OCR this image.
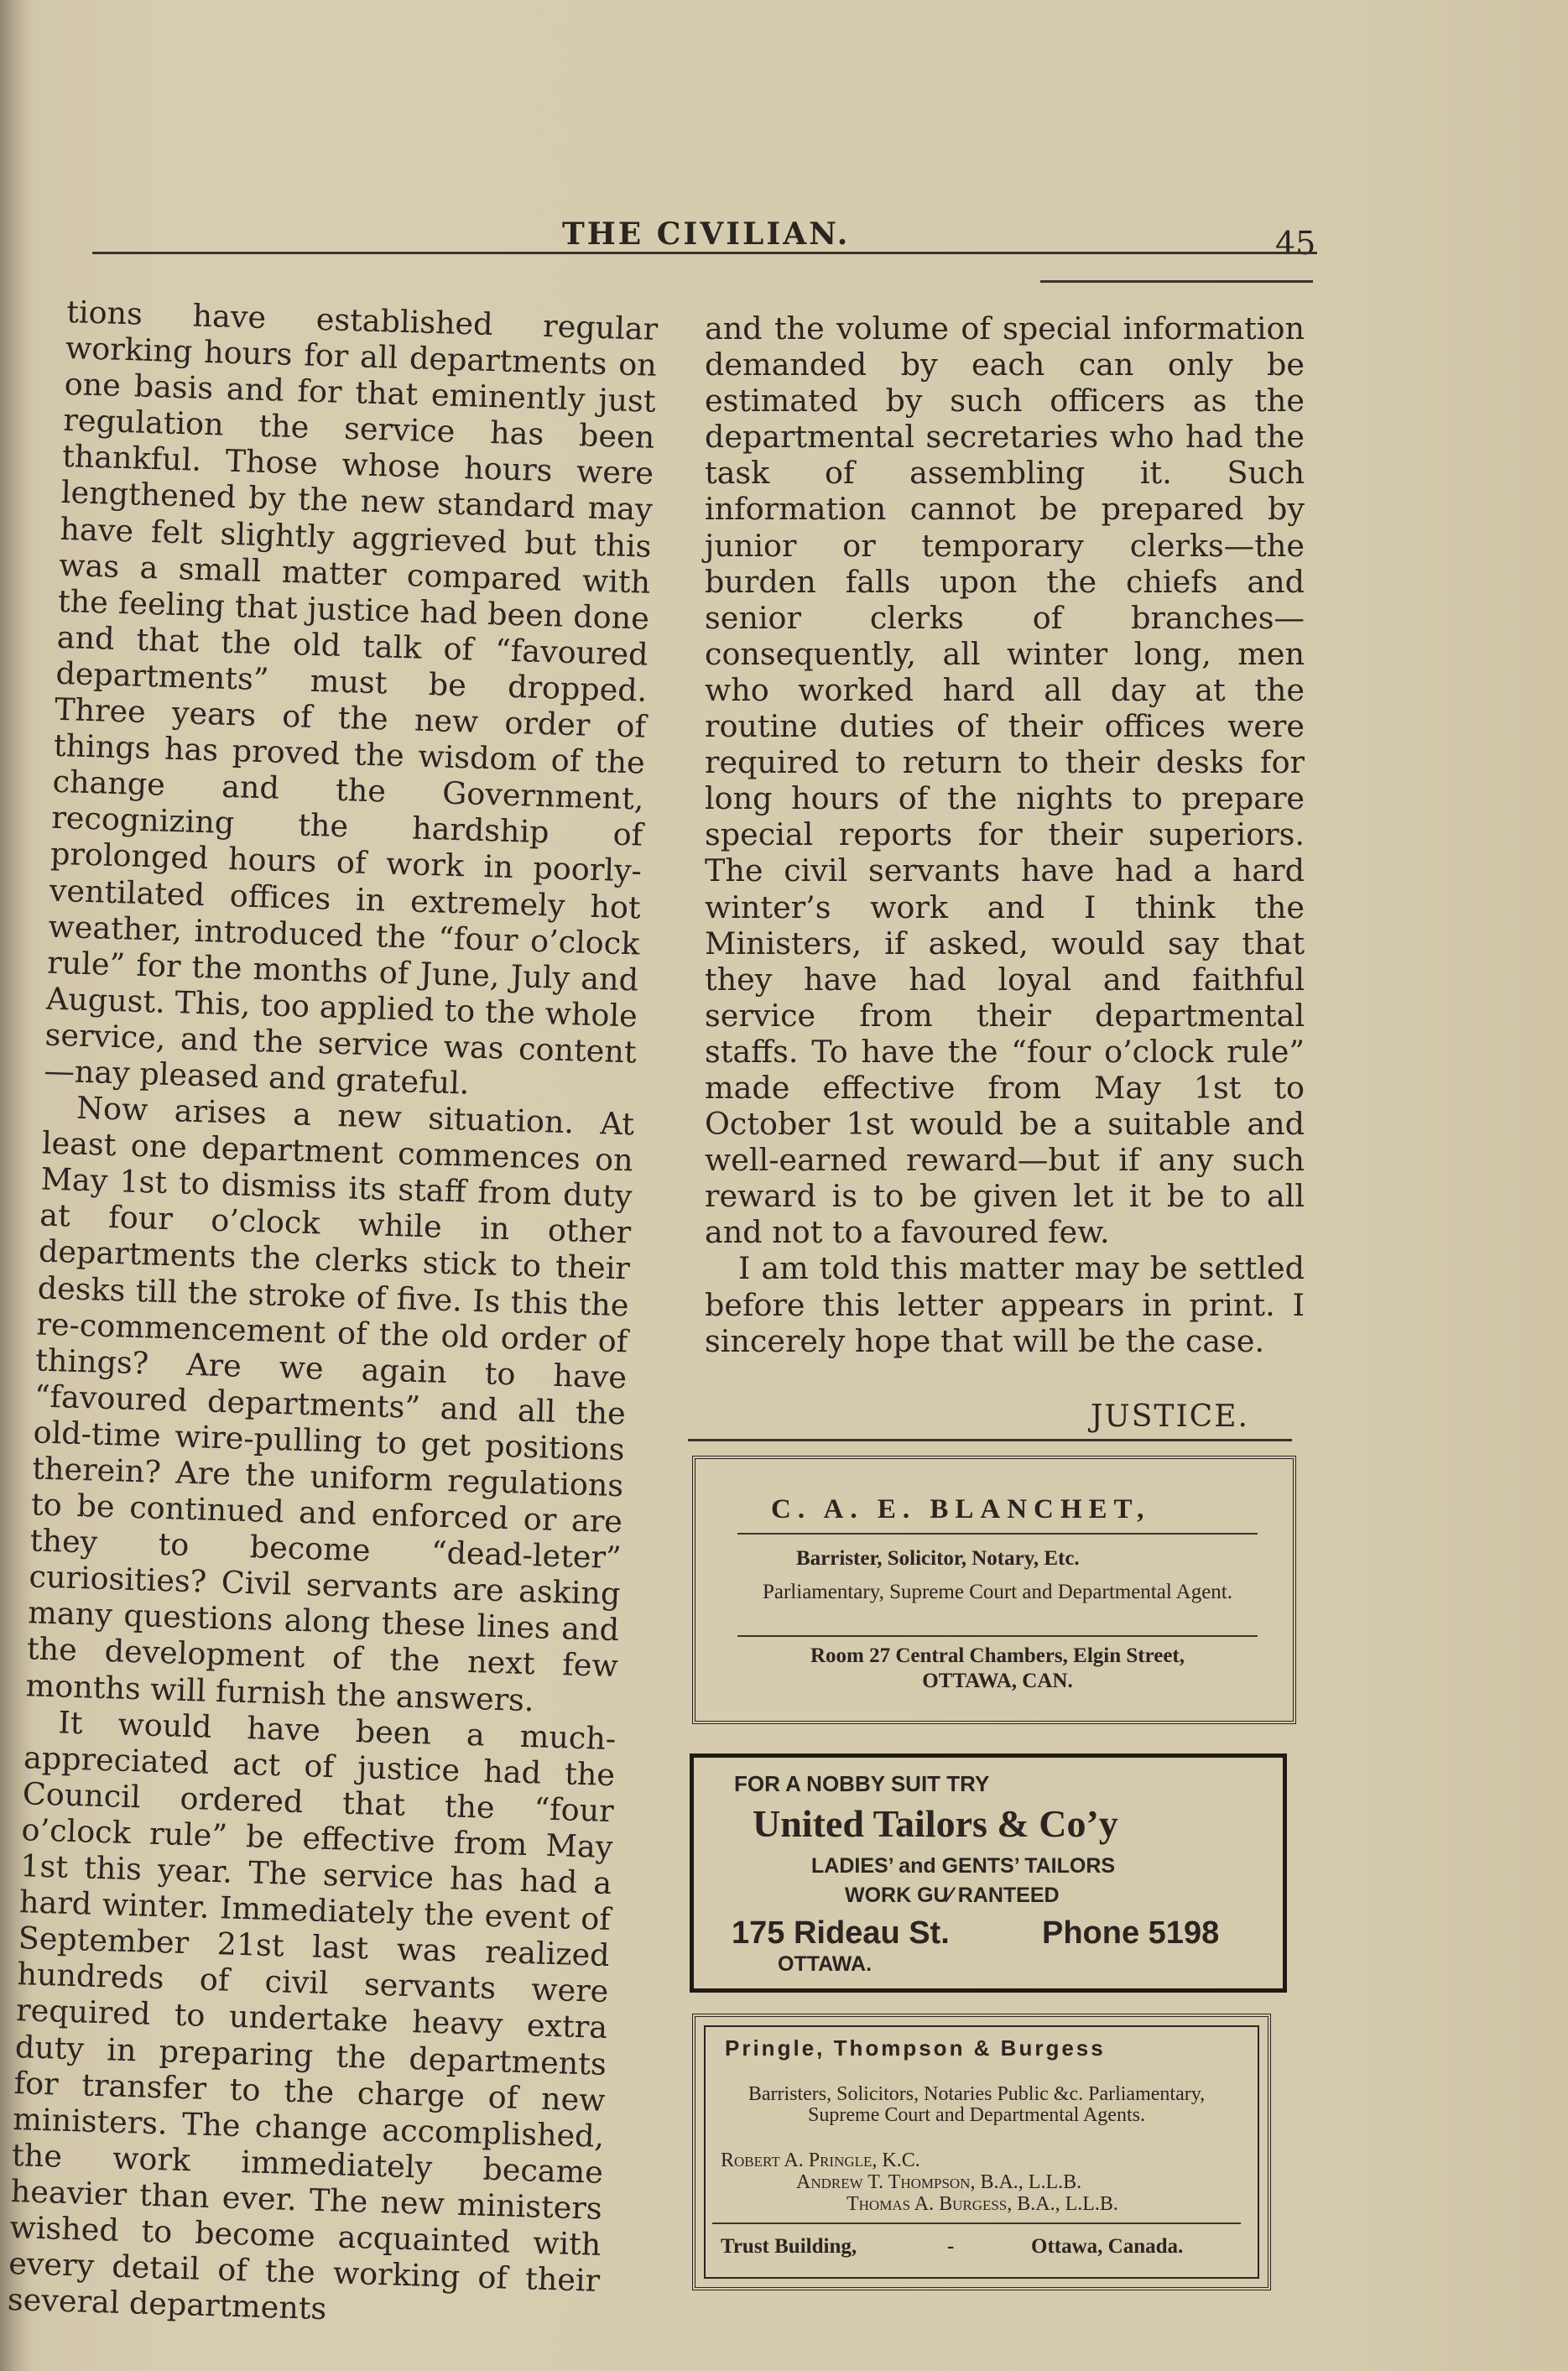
THE CIVILIAN.	45

tions have established regular working hours for all departments on one basis and for that eminently just regulation the service has been thankful. Those whose hours were lengthened by the new standard may have felt slightly aggrieved but this was a small matter compared with the feeling that justice had been done and that the old talk of “favoured departments” must be dropped. Three years of the new order of things has proved the wisdom of the change and the Government, recognizing the hardship of prolonged hours of work in poorly-ventilated offices in extremely hot weather, introduced the “four o’clock rule” for the months of June, July and August. This, too applied to the whole service, and the service was content—nay pleased and grateful.

Now arises a new situation. At least one department commences on May 1st to dismiss its staff from duty at four o’clock while in other departments the clerks stick to their desks till the stroke of five. Is this the re-commencement of the old order of things? Are we again to have “favoured departments” and all the old-time wire-pulling to get positions therein? Are the uniform regulations to be continued and enforced or are they to become “dead-leter” curiosities? Civil servants are asking many questions along these lines and the development of the next few months will furnish the answers.

It would have been a much-appreciated act of justice had the Council ordered that the “four o’clock rule” be effective from May 1st this year. The service has had a hard winter. Immediately the event of September 21st last was realized hundreds of civil servants were required to undertake heavy extra duty in preparing the departments for transfer to the charge of new ministers. The change accomplished, the work immediately became heavier than ever. The new ministers wished to become acquainted with every detail of the working of their several departments

and the volume of special information demanded by each can only be estimated by such officers as the departmental secretaries who had the task of assembling it. Such information cannot be prepared by junior or temporary clerks—the burden falls upon the chiefs and senior clerks of branches—consequently, all winter long, men who worked hard all day at the routine duties of their offices were required to return to their desks for long hours of the nights to prepare special reports for their superiors. The civil servants have had a hard winter’s work and I think the Ministers, if asked, would say that they have had loyal and faithful service from their departmental staffs. To have the “four o’clock rule” made effective from May 1st to October 1st would be a suitable and well-earned reward—but if any such reward is to be given let it be to all and not to a favoured few.

I am told this matter may be settled before this letter appears in print. I sincerely hope that will be the case.

JUSTICE.
C. A. E. BLANCHET,
Barrister, Solicitor, Notary, Etc.
Parliamentary, Supreme Court and Departmental Agent.
Room 27 Central Chambers, Elgin Street,
OTTAWA, CAN.
FOR A NOBBY SUIT TRY
United Tailors & Co’y
LADIES’ and GENTS’ TAILORS
WORK GU⁄ RANTEED
175 Rideau St.	Phone 5198
OTTAWA.
Pringle, Thompson & Burgess
Barristers, Solicitors, Notaries Public &c. Parliamentary, Supreme Court and Departmental Agents.
Robert A. Pringle, K.C.
Andrew T. Thompson, B.A., L.L.B.
Thomas A. Burgess, B.A., L.L.B.
Trust Building,	-	Ottawa, Canada.
